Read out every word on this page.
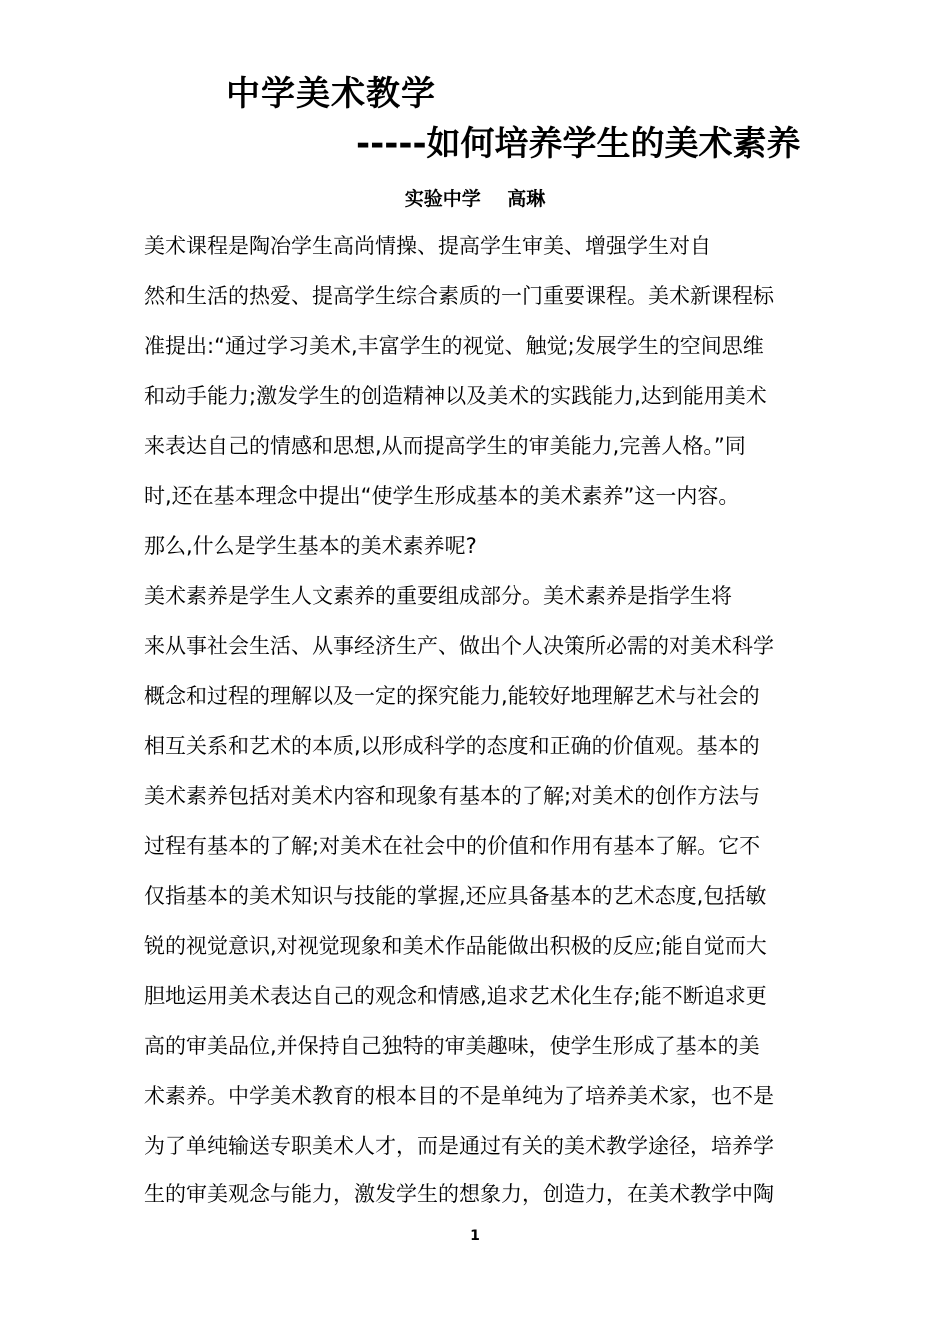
中学美术教学
-----如何培养学生的美术素养
实验中学    高琳
美术课程是陶冶学生高尚情操、提高学生审美、增强学生对自
然和生活的热爱、提高学生综合素质的一门重要课程。美术新课程标
准提出:“通过学习美术,丰富学生的视觉、触觉;发展学生的空间思维
和动手能力;激发学生的创造精神以及美术的实践能力,达到能用美术
来表达自己的情感和思想,从而提高学生的审美能力,完善人格。”同
时,还在基本理念中提出“使学生形成基本的美术素养”这一内容。
那么,什么是学生基本的美术素养呢?
美术素养是学生人文素养的重要组成部分。美术素养是指学生将
来从事社会生活、从事经济生产、做出个人决策所必需的对美术科学
概念和过程的理解以及一定的探究能力,能较好地理解艺术与社会的
相互关系和艺术的本质,以形成科学的态度和正确的价值观。基本的
美术素养包括对美术内容和现象有基本的了解;对美术的创作方法与
过程有基本的了解;对美术在社会中的价值和作用有基本了解。它不
仅指基本的美术知识与技能的掌握,还应具备基本的艺术态度,包括敏
锐的视觉意识,对视觉现象和美术作品能做出积极的反应;能自觉而大
胆地运用美术表达自己的观念和情感,追求艺术化生存;能不断追求更
高的审美品位,并保持自己独特的审美趣味，使学生形成了基本的美
术素养。中学美术教育的根本目的不是单纯为了培养美术家，也不是
为了单纯输送专职美术人才，而是通过有关的美术教学途径，培养学
生的审美观念与能力，激发学生的想象力，创造力，在美术教学中陶
1
